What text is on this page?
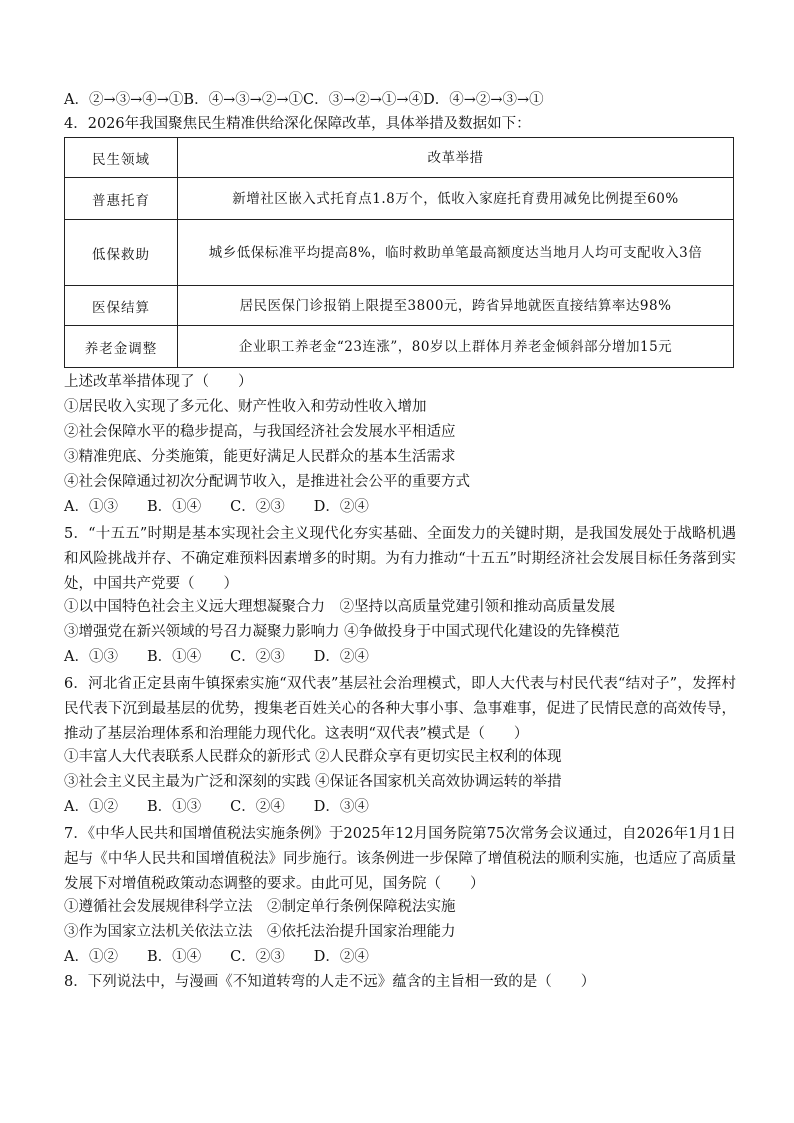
A．②→③→④→①B．④→③→②→①C．③→②→①→④D．④→②→③→①
4．2026年我国聚焦民生精准供给深化保障改革，具体举措及数据如下：
民生领域	改革举措
普惠托育	新增社区嵌入式托育点1.8万个，低收入家庭托育费用减免比例提至60%
低保救助	城乡低保标准平均提高8%，临时救助单笔最高额度达当地月人均可支配收入3倍
医保结算	居民医保门诊报销上限提至3800元，跨省异地就医直接结算率达98%
养老金调整	企业职工养老金“23连涨”，80岁以上群体月养老金倾斜部分增加15元
上述改革举措体现了（　　）
①居民收入实现了多元化、财产性收入和劳动性收入增加
②社会保障水平的稳步提高，与我国经济社会发展水平相适应
③精准兜底、分类施策，能更好满足人民群众的基本生活需求
④社会保障通过初次分配调节收入，是推进社会公平的重要方式
A．①③　　B．①④　　C．②③　　D．②④
5．“十五五”时期是基本实现社会主义现代化夯实基础、全面发力的关键时期，是我国发展处于战略机遇和风险挑战并存、不确定难预料因素增多的时期。为有力推动“十五五”时期经济社会发展目标任务落到实处，中国共产党要（　　）
①以中国特色社会主义远大理想凝聚合力　②坚持以高质量党建引领和推动高质量发展
③增强党在新兴领域的号召力凝聚力影响力 ④争做投身于中国式现代化建设的先锋模范
A．①③　　B．①④　　C．②③　　D．②④
6．河北省正定县南牛镇探索实施“双代表”基层社会治理模式，即人大代表与村民代表“结对子”，发挥村民代表下沉到最基层的优势，搜集老百姓关心的各种大事小事、急事难事，促进了民情民意的高效传导，推动了基层治理体系和治理能力现代化。这表明“双代表”模式是（　　）
①丰富人大代表联系人民群众的新形式 ②人民群众享有更切实民主权利的体现
③社会主义民主最为广泛和深刻的实践 ④保证各国家机关高效协调运转的举措
A．①②　　B．①③　　C．②④　　D．③④
7．《中华人民共和国增值税法实施条例》于2025年12月国务院第75次常务会议通过，自2026年1月1日起与《中华人民共和国增值税法》同步施行。该条例进一步保障了增值税法的顺利实施，也适应了高质量发展下对增值税政策动态调整的要求。由此可见，国务院（　　）
①遵循社会发展规律科学立法　②制定单行条例保障税法实施
③作为国家立法机关依法立法　④依托法治提升国家治理能力
A．①②　　B．①④　　C．②③　　D．②④
8．下列说法中，与漫画《不知道转弯的人走不远》蕴含的主旨相一致的是（　　）
